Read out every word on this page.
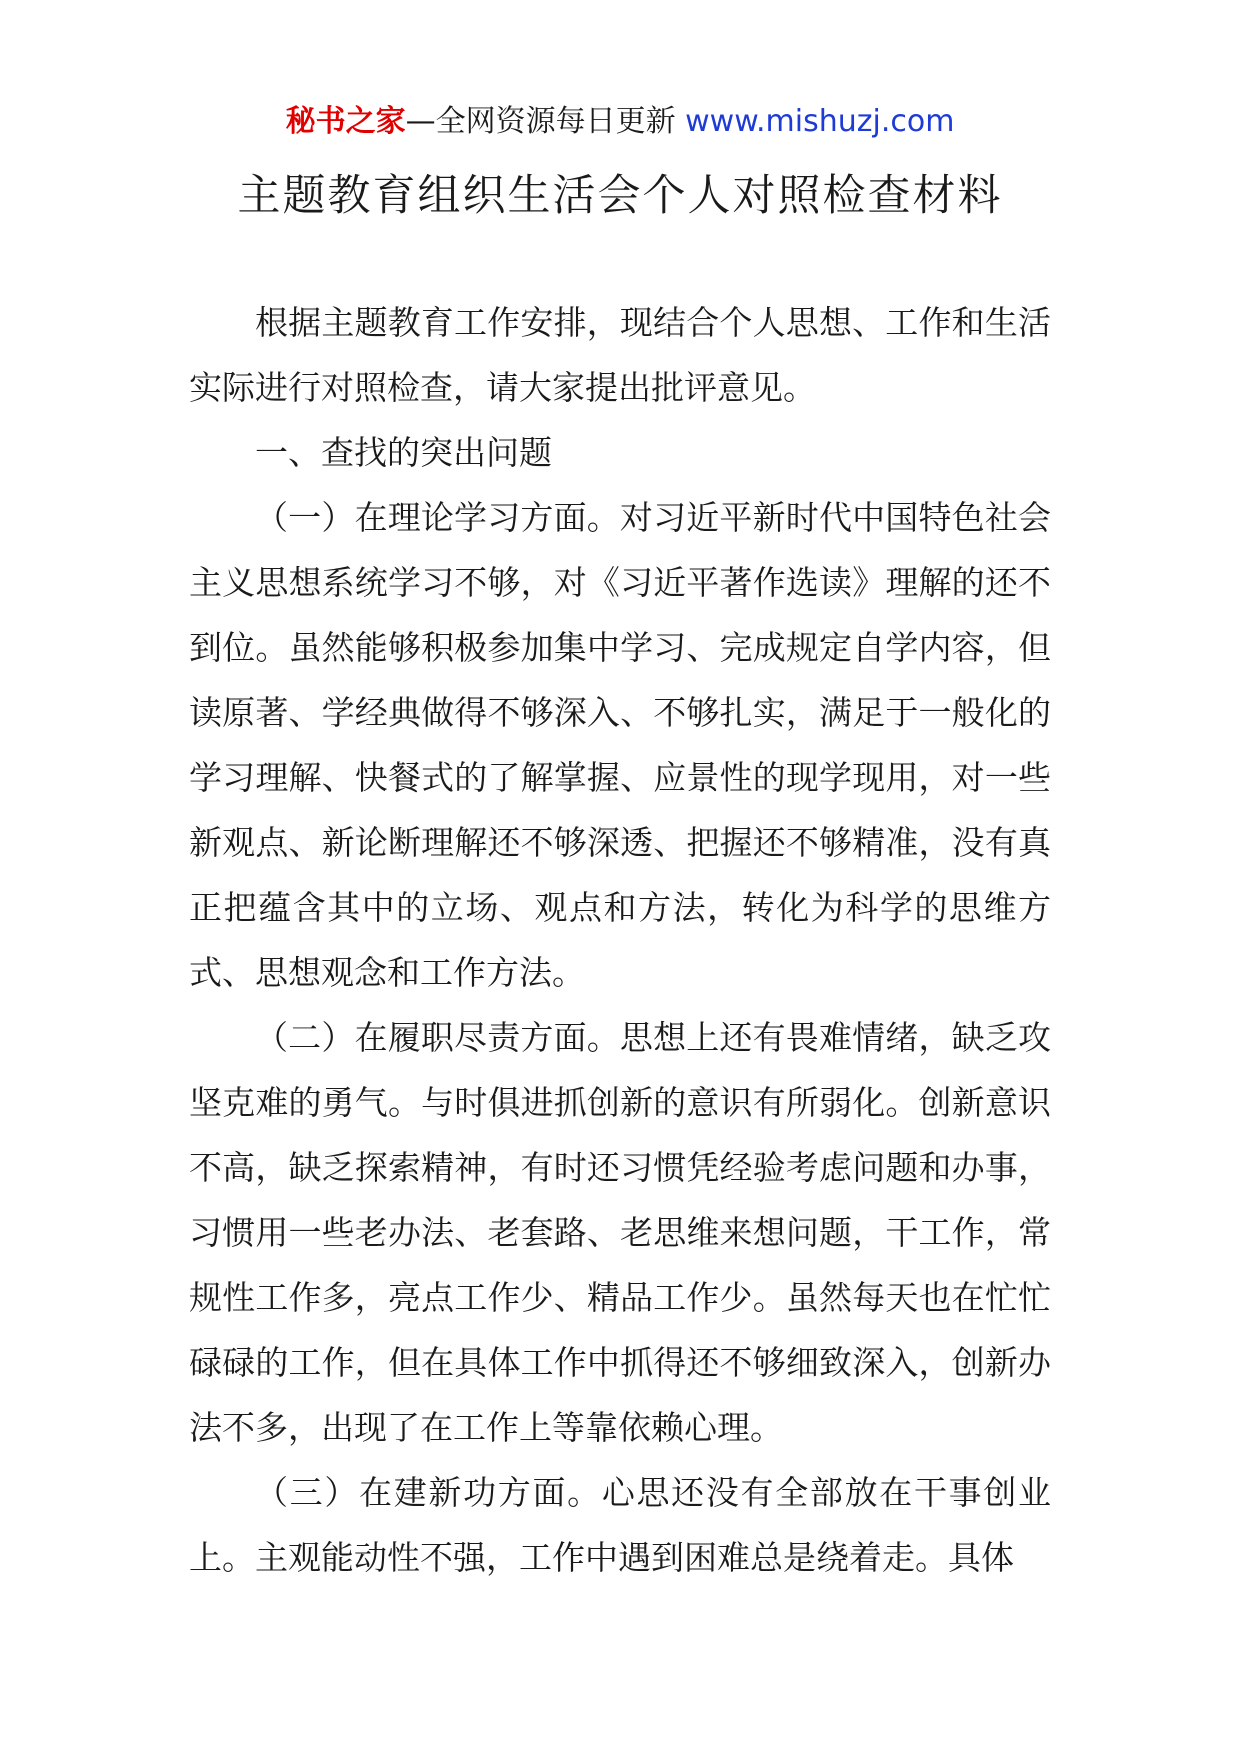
秘书之家—全网资源每日更新 www.mishuzj.com
主题教育组织生活会个人对照检查材料

根据主题教育工作安排，现结合个人思想、工作和生活实际进行对照检查，请大家提出批评意见。

一、查找的突出问题

（一）在理论学习方面。对习近平新时代中国特色社会主义思想系统学习不够，对《习近平著作选读》理解的还不到位。虽然能够积极参加集中学习、完成规定自学内容，但读原著、学经典做得不够深入、不够扎实，满足于一般化的学习理解、快餐式的了解掌握、应景性的现学现用，对一些新观点、新论断理解还不够深透、把握还不够精准，没有真正把蕴含其中的立场、观点和方法，转化为科学的思维方式、思想观念和工作方法。

（二）在履职尽责方面。思想上还有畏难情绪，缺乏攻坚克难的勇气。与时俱进抓创新的意识有所弱化。创新意识不高，缺乏探索精神，有时还习惯凭经验考虑问题和办事，习惯用一些老办法、老套路、老思维来想问题，干工作，常规性工作多，亮点工作少、精品工作少。虽然每天也在忙忙碌碌的工作，但在具体工作中抓得还不够细致深入，创新办法不多，出现了在工作上等靠依赖心理。

（三）在建新功方面。心思还没有全部放在干事创业上。主观能动性不强，工作中遇到困难总是绕着走。具体
